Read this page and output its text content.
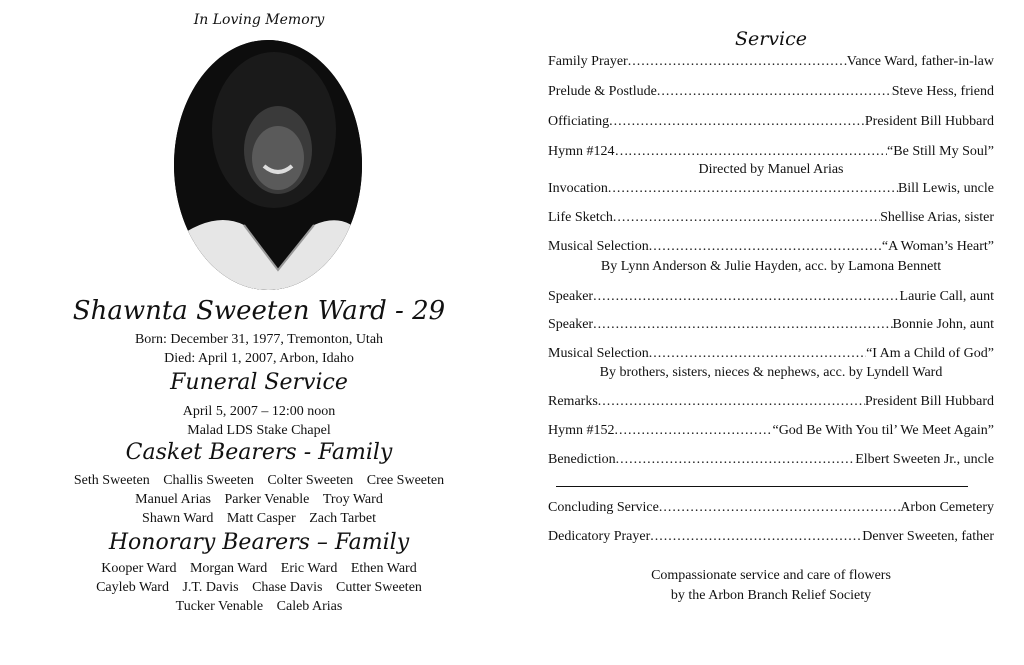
In Loving Memory
Shawnta Sweeten Ward - 29
Born: December 31, 1977, Tremonton, Utah
Died: April 1, 2007, Arbon, Idaho
Funeral Service
April 5, 2007 – 12:00 noon
Malad LDS Stake Chapel
Casket Bearers - Family
Seth Sweeten Challis Sweeten Colter Sweeten Cree Sweeten
Manuel Arias Parker Venable Troy Ward
Shawn Ward Matt Casper Zach Tarbet
Honorary Bearers – Family
Kooper Ward Morgan Ward Eric Ward Ethen Ward
Cayleb Ward J.T. Davis Chase Davis Cutter Sweeten
Tucker Venable Caleb Arias
Service
Family Prayer .....	Vance Ward, father-in-law
Prelude & Postlude .....	Steve Hess, friend
Officiating .....	President Bill Hubbard
Hymn #124… .....	“Be Still My Soul”
Directed by Manuel Arias
Invocation .....	Bill Lewis, uncle
Life Sketch .....	Shellise Arias, sister
Musical Selection .....	“A Woman’s Heart”
By Lynn Anderson & Julie Hayden, acc. by Lamona Bennett
Speaker .....	Laurie Call, aunt
Speaker .....	Bonnie John, aunt
Musical Selection .....	“I Am a Child of God”
By brothers, sisters, nieces & nephews, acc. by Lyndell Ward
Remarks .....	President Bill Hubbard
Hymn #152 .....	“God Be With You til’ We Meet Again”
Benediction .....	Elbert Sweeten Jr., uncle
Concluding Service .....	Arbon Cemetery
Dedicatory Prayer .....	Denver Sweeten, father
Compassionate service and care of flowers
by the Arbon Branch Relief Society
